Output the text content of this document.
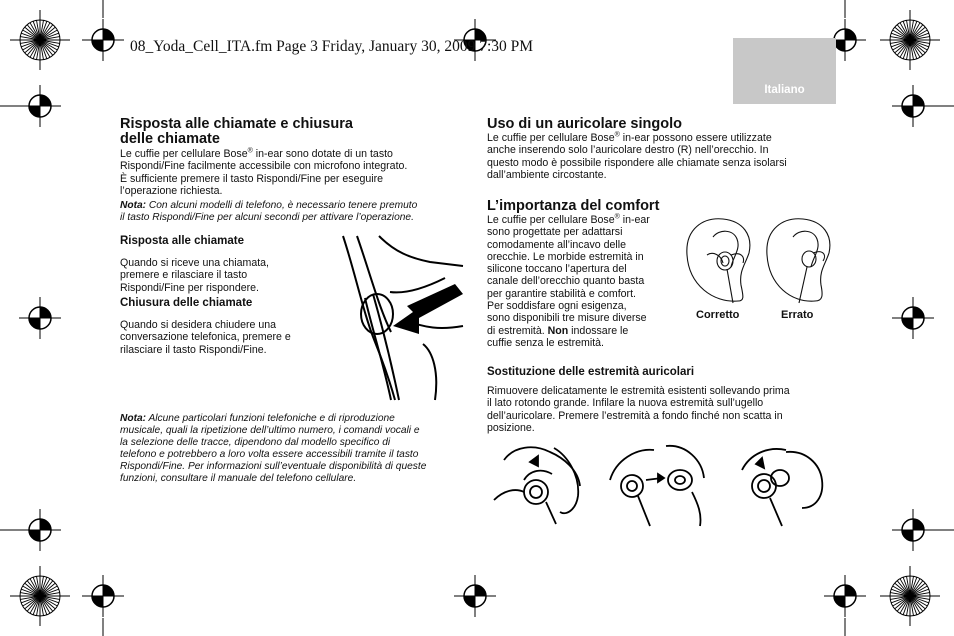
08_Yoda_Cell_ITA.fm Page 3 Friday, January 30, 2009 7:30 PM
Italiano
Risposta alle chiamate e chiusura
delle chiamate

Le cuffie per cellulare Bose® in-ear sono dotate di un tasto

Rispondi/Fine facilmente accessibile con microfono integrato.

È sufficiente premere il tasto Rispondi/Fine per eseguire

l’operazione richiesta.

Nota: Con alcuni modelli di telefono, è necessario tenere premuto
il tasto Rispondi/Fine per alcuni secondi per attivare l’operazione.
Risposta alle chiamate

Quando si riceve una chiamata,

premere e rilasciare il tasto

Rispondi/Fine per rispondere.

Chiusura delle chiamate

Quando si desidera chiudere una

conversazione telefonica, premere e

rilasciare il tasto Rispondi/Fine.

Nota: Alcune particolari funzioni telefoniche e di riproduzione
musicale, quali la ripetizione dell’ultimo numero, i comandi vocali e
la selezione delle tracce, dipendono dal modello specifico di
telefono e potrebbero a loro volta essere accessibili tramite il tasto
Rispondi/Fine. Per informazioni sull’eventuale disponibilità di queste
funzioni, consultare il manuale del telefono cellulare.
Uso di un auricolare singolo

Le cuffie per cellulare Bose® in-ear possono essere utilizzate

anche inserendo solo l’auricolare destro (R) nell’orecchio. In

questo modo è possibile rispondere alle chiamate senza isolarsi

dall’ambiente circostante.

L’importanza del comfort

Le cuffie per cellulare Bose® in-ear

sono progettate per adattarsi

comodamente all’incavo delle

orecchie. Le morbide estremità in

silicone toccano l’apertura del

canale dell’orecchio quanto basta

per garantire stabilità e comfort.

Per soddisfare ogni esigenza,

sono disponibili tre misure diverse

di estremità. Non indossare le

cuffie senza le estremità.

Corretto	Errato
Sostituzione delle estremità auricolari

Rimuovere delicatamente le estremità esistenti sollevando prima

il lato rotondo grande. Infilare la nuova estremità sull’ugello

dell’auricolare. Premere l’estremità a fondo finché non scatta in

posizione.
